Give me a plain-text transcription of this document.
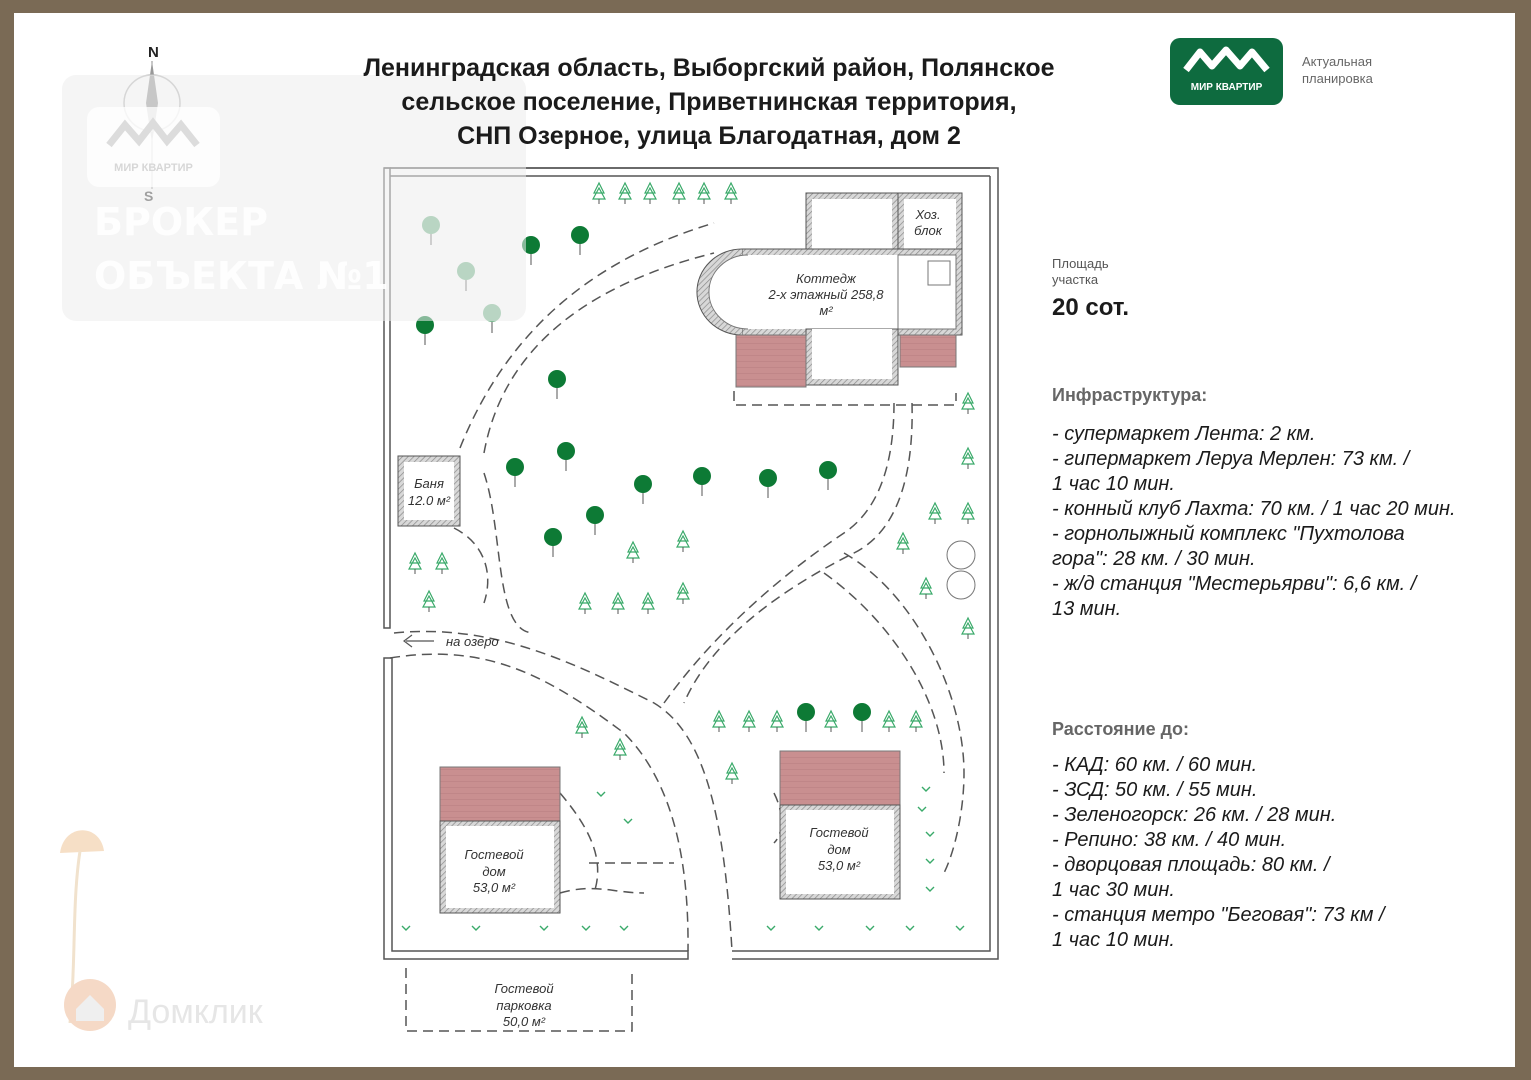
N
на озеро
Хоз.
блок
Коттедж
2-х этажный 258,8
м²
Баня
12.0 м²
Гостевой
дом
53,0 м²
Гостевой
дом
53,0 м²
Гостевой
парковка
50,0 м²
МИР КВАРТИР
БРОКЕР
ОБЪЕКТА №1
Домклик
Ленинградская область, Выборгский район, Полянское
сельское поселение, Приветнинская территория,
СНП Озерное, улица Благодатная, дом 2
МИР КВАРТИР
Актуальная
планировка
Площадь
участка
20 сот.
Инфраструктура:
- супермаркет Лента: 2 км.
- гипермаркет Леруа Мерлен: 73 км. /
1 час 10 мин.
- конный клуб Лахта: 70 км. / 1 час 20 мин.
- горнолыжный комплекс "Пухтолова
гора": 28 км. / 30 мин.
- ж/д станция "Местерьярви": 6,6 км. /
13 мин.
Расстояние до:
- КАД: 60 км. / 60 мин.
- ЗСД: 50 км. / 55 мин.
- Зеленогорск: 26 км. / 28 мин.
- Репино: 38 км. / 40 мин.
- дворцовая площадь: 80 км. /
1 час 30 мин.
- станция метро "Беговая": 73 км /
1 час 10 мин.
